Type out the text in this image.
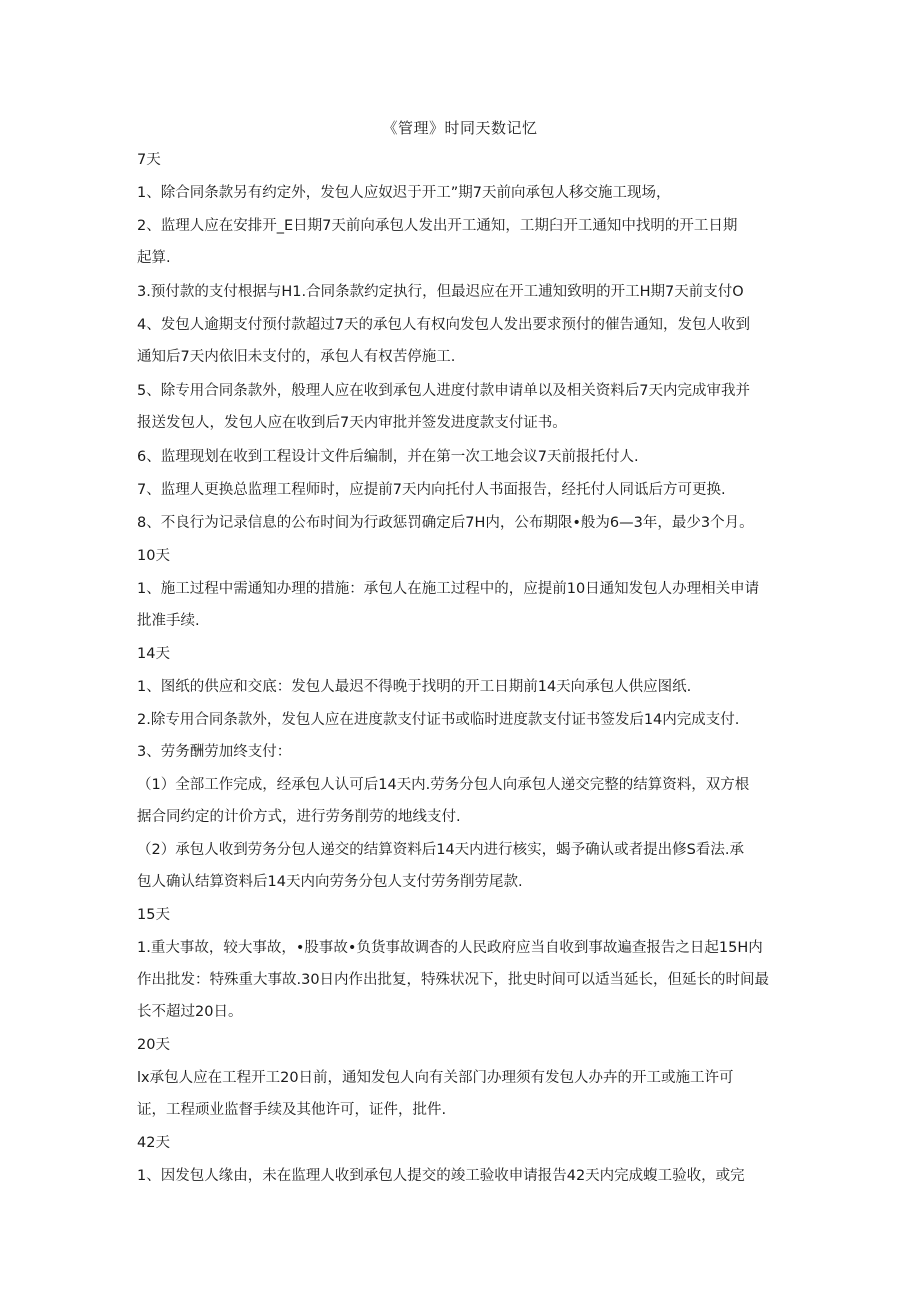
《管理》时同天数记忆
7天
1、除合同条款另有约定外，发包人应奴迟于开工”期7天前向承包人移交施工现场，
2、监理人应在安排开_E日期7天前向承包人发出开工通知，工期臼开工通知中找明的开工日期
起算.
3.预付款的支付根据与H1.合同条款约定执行，但最迟应在开工逋知致明的开工H期7天前支付O
4、发包人逾期支付预付款超过7天的承包人有权向发包人发出要求预付的催告通知，发包人收到
通知后7天内依旧未支付的，承包人有权苦停施工.
5、除专用合同条款外，般理人应在收到承包人进度付款申请单以及相关资料后7天内完成审我并
报送发包人，发包人应在收到后7天内审批并签发进度款支付证书。
6、监理现划在收到工程设计文件后编制，并在第一次工地会议7天前报托付人.
7、监理人更换总监理工程师时，应提前7天内向托付人书面报告，经托付人同诋后方可更换.
8、不良行为记录信息的公布时间为行政惩罚确定后7H内，公布期限•般为6—3年，最少3个月。
10天
1、施工过程中需通知办理的措施：承包人在施工过程中的，应提前10日通知发包人办理相关申请
批准手续.
14天
1、图纸的供应和交底：发包人最迟不得晚于找明的开工日期前14天向承包人供应图纸.
2.除专用合同条款外，发包人应在进度款支付证书或临时进度款支付证书签发后14内完成支付.
3、劳务酬劳加终支付：
（1）全部工作完成，经承包人认可后14天内.劳务分包人向承包人递交完整的结算资料，双方根
据合同约定的计价方式，进行劳务削劳的地线支付.
（2）承包人收到劳务分包人递交的结算资料后14天内进行核实，蝎予确认或者提出修S看法.承
包人确认结算资料后14天内向劳务分包人支付劳务削劳尾款.
15天
1.重大事故，较大事故，•股事故•负货事故调杳的人民政府应当自收到事故遍查报告之日起15H内
作出批发：特殊重大事故.30日内作出批复，特殊状况下，批史时间可以适当延长，但延长的时间最
长不超过20日。
20天
lx承包人应在工程开工20日前，通知发包人向有关部门办理须有发包人办卉的开工或施工许可
证，工程顽业监督手续及其他许可，证件，批件.
42天
1、因发包人缘由，未在监理人收到承包人提交的竣工验收申请报告42天内完成蝮工验收，或完
